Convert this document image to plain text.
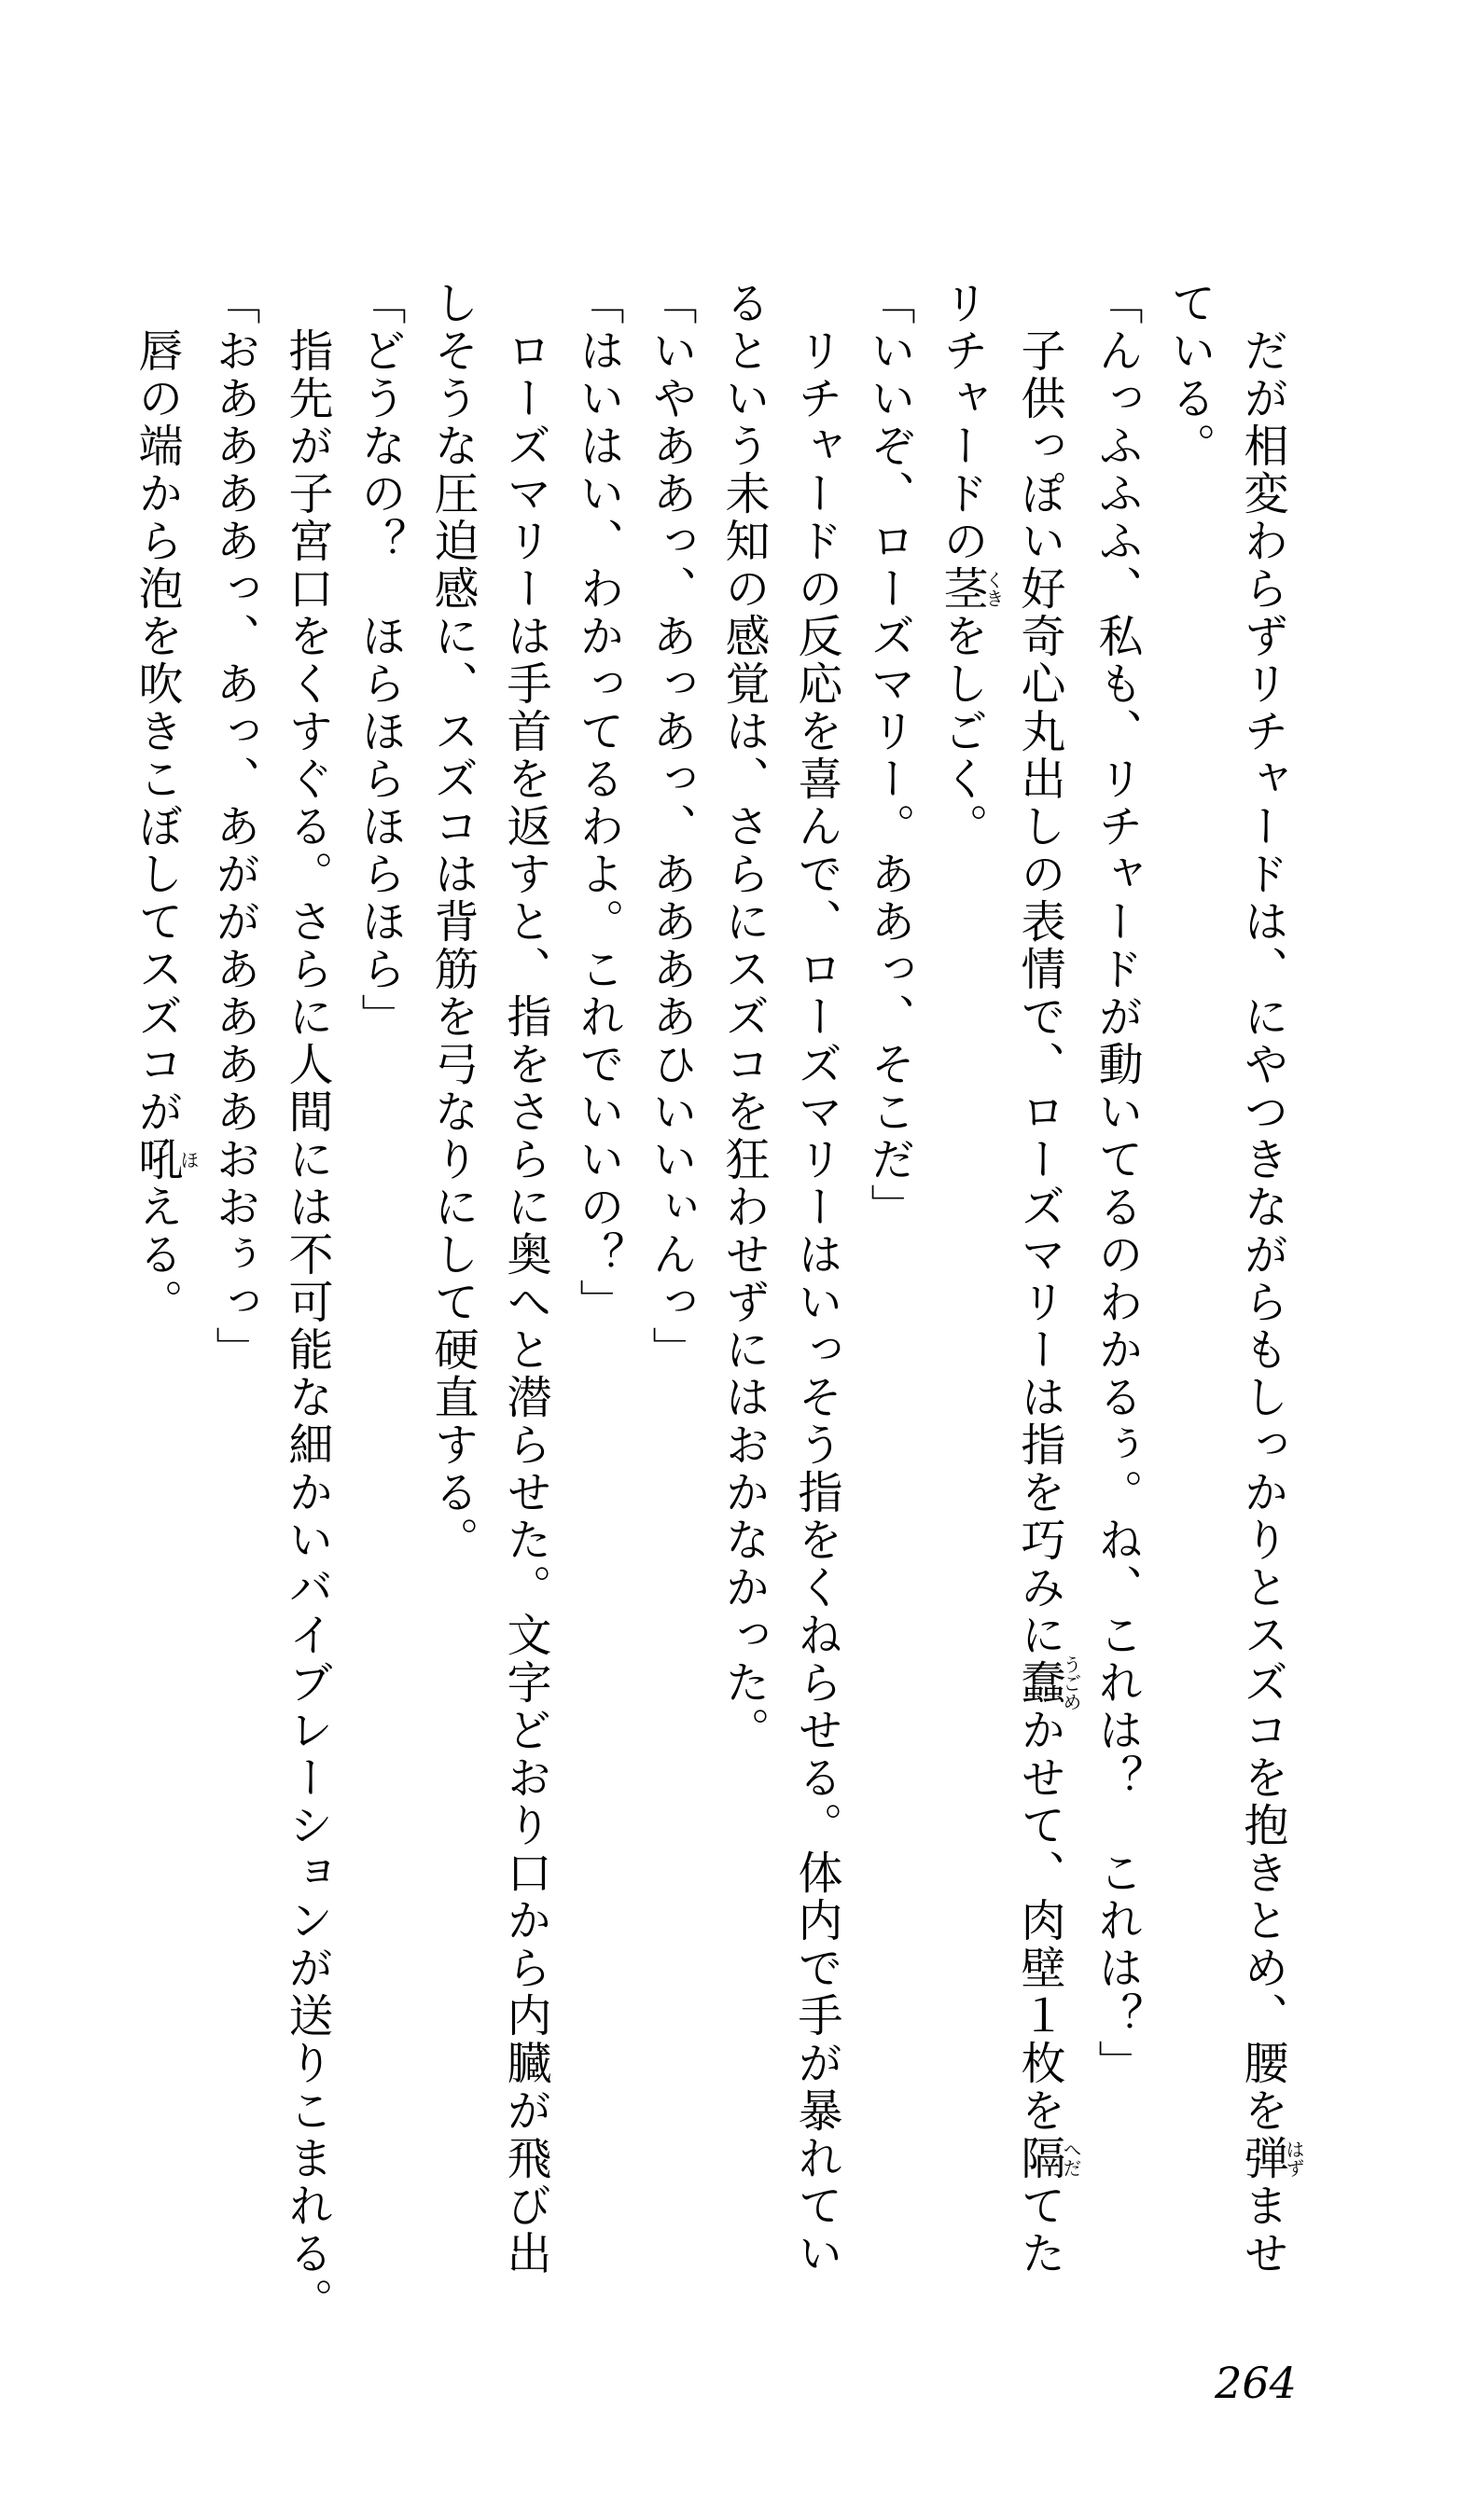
だが相変わらずリチャードは、にやつきながらもしっかりとスズコを抱きとめ、腰を弾はずませ
ている。
「んっふふふ、私も、リチャードが動いてるのわかるぅ。ね、これは？　これは？」
子供っぽい好奇心丸出しの表情で、ローズマリーは指を巧みに蠢うごめかせて、肉壁１枚を隔へだてた
リチャードの茎くきをしごく。
「いいぞ、ローズマリー。ああっ、そこだ」
リチャードの反応を喜んで、ローズマリーはいっそう指をくねらせる。体内で手が暴れてい
るという未知の感覚は、さらにスズコを狂わせずにはおかなかった。
「いやああっ、あっあっ、ああああひいいぃんっ」
「はいはい、わかってるわよ。これでいいの？」
ローズマリーは手首を返すと、指をさらに奥へと潜らせた。文字どおり口から内臓が飛び出
しそうな圧迫感に、スズコは背筋を弓なりにして硬直する。
「どうなの？　ほらほらほらほら」
指先が子宮口をくすぐる。さらに人間には不可能な細かいバイブレーションが送りこまれる。
「おああああっ、あっ、あががああああおおぅっ」
唇の端から泡を吹きこぼしてスズコが吼ほえる。
264
